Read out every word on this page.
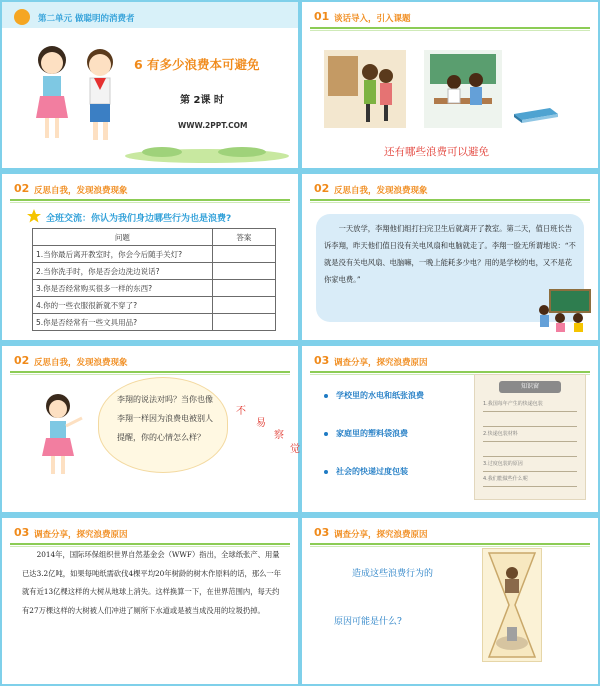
第二单元 做聪明的消费者
6 有多少浪费本可避免
第 2课 时
WWW.2PPT.COM
01 谈话导入，引入课题
还有哪些浪费可以避免
02 反思自我，发现浪费现象
全班交流：你认为我们身边哪些行为也是浪费?
问题	答案
1.当你最后离开教室时，你会今后随手关灯?	
2.当你洗手时，你是否会边洗边说话?	
3.你是否经常购买很多一样的东西?	
4.你的一些衣服很新就不穿了?	
5.你是否经常有一些文具用品?	
02 反思自我，发现浪费现象
一天放学，李翔他们组打扫完卫生后就离开了教室。第二天，值日班长告诉李翔，昨天他们值日没有关电风扇和电脑就走了。李翔一脸无所谓地说：“不就是没有关电风扇、电脑嘛，一晚上能耗多少电？用的是学校的电，又不是花你家电费。”
02 反思自我，发现浪费现象
李翔的说法对吗？当你也像李翔一样因为浪费电被别人提醒，你的心情怎么样？
不
易
察
觉
03 调查分享，探究浪费原因
学校里的水电和纸张浪费
家庭里的塑料袋浪费
社会的快递过度包装
知识窗
1.我国每年产生的快递包装
2.快递包装材料
3.过度包装的原因
4.我们能做些什么呢
03 调查分享，探究浪费原因
2014年，国际环保组织世界自然基金会（WWF）指出，全球纸张产、用量已达3.2亿吨，如果每吨纸需砍伐4棵平均20年树龄的树木作原料的话，那么一年就有近13亿棵这样的大树从地球上消失。这样换算一下，在世界范围内，每天约有27万棵这样的大树被人们冲进了厕所下水道或是被当成没用的垃圾扔掉。
03 调查分享，探究浪费原因
造成这些浪费行为的
原因可能是什么?
